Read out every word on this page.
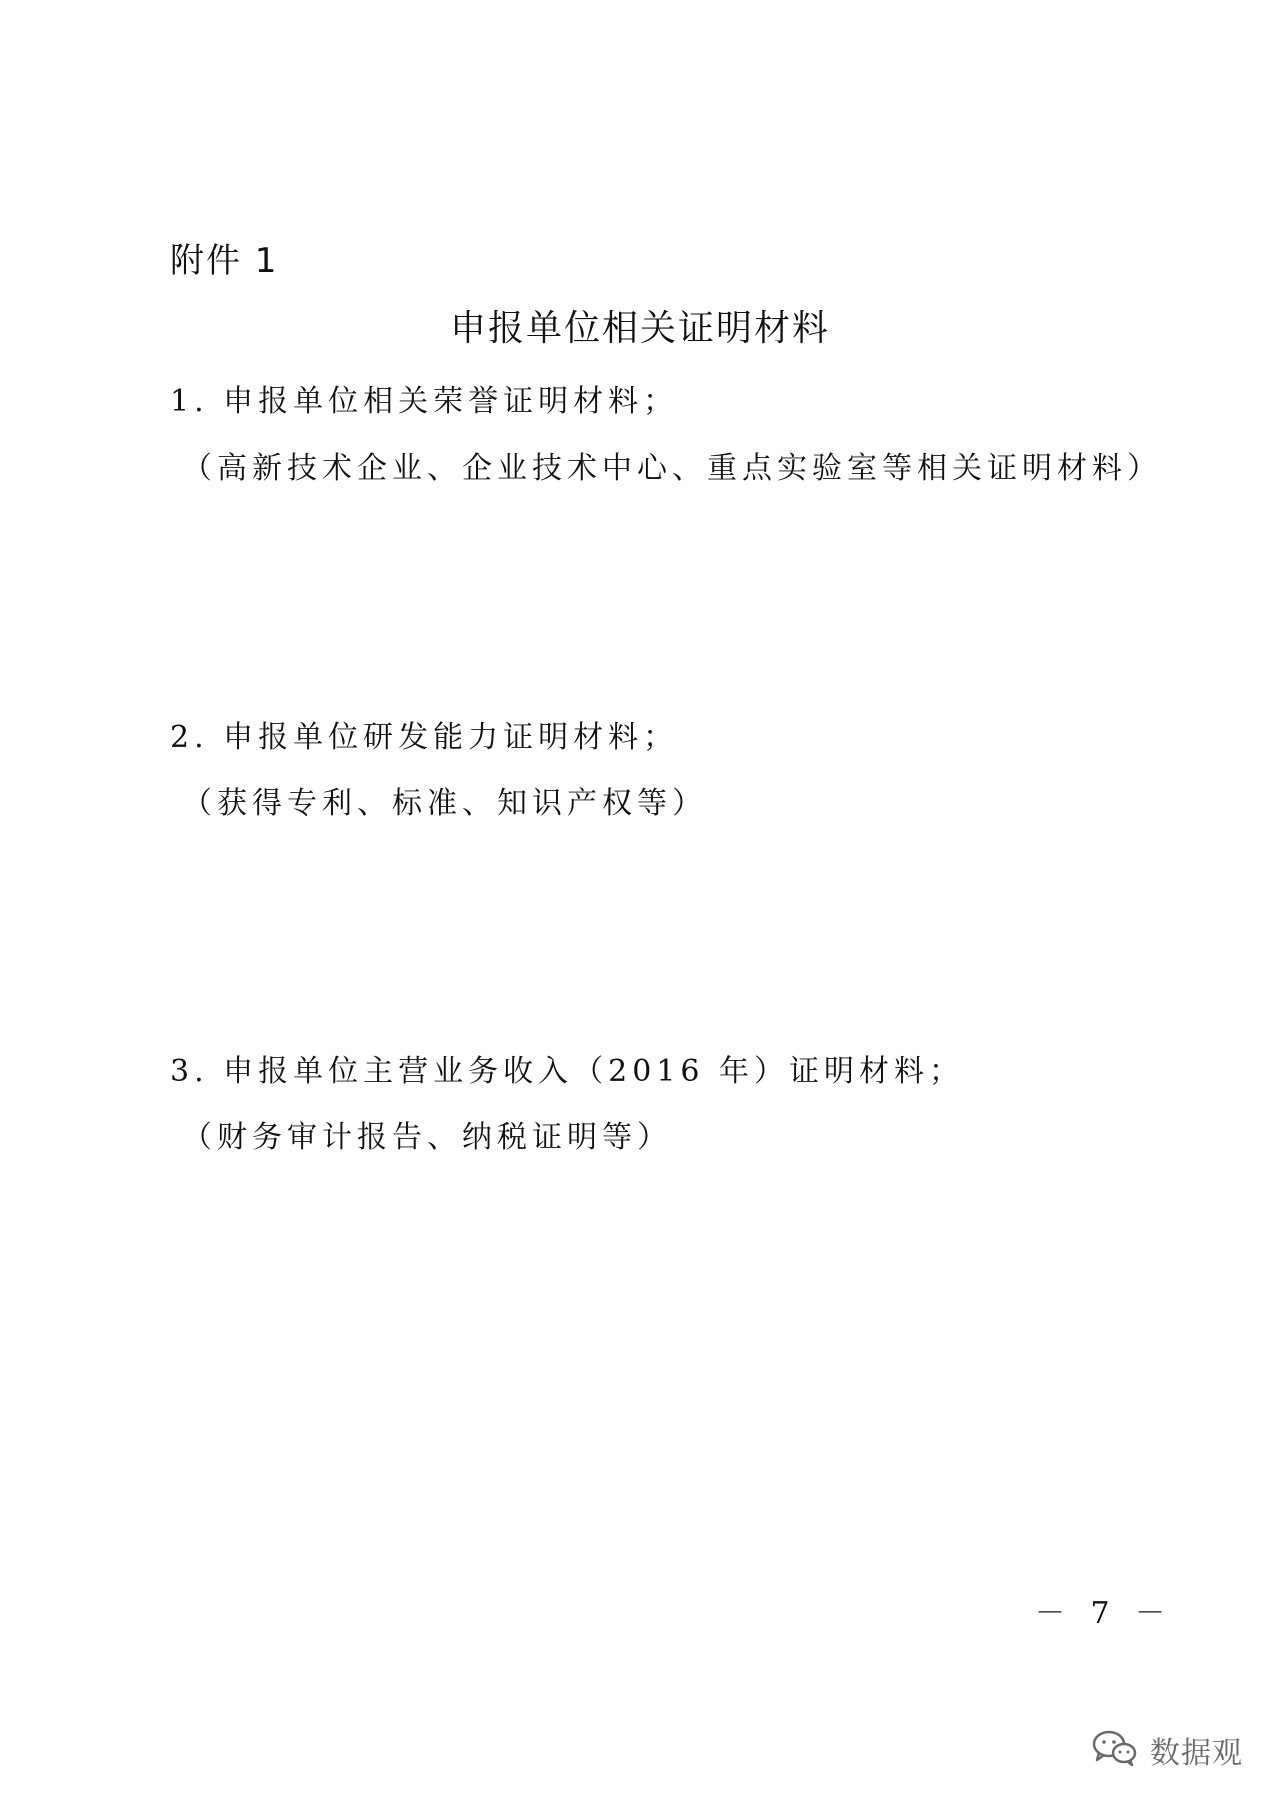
附件 1

申报单位相关证明材料

1. 申报单位相关荣誉证明材料；

（高新技术企业、企业技术中心、重点实验室等相关证明材料）

2. 申报单位研发能力证明材料；

（获得专利、标准、知识产权等）

3. 申报单位主营业务收入（2016 年）证明材料；

（财务审计报告、纳税证明等）

－ 7 －
数据观
